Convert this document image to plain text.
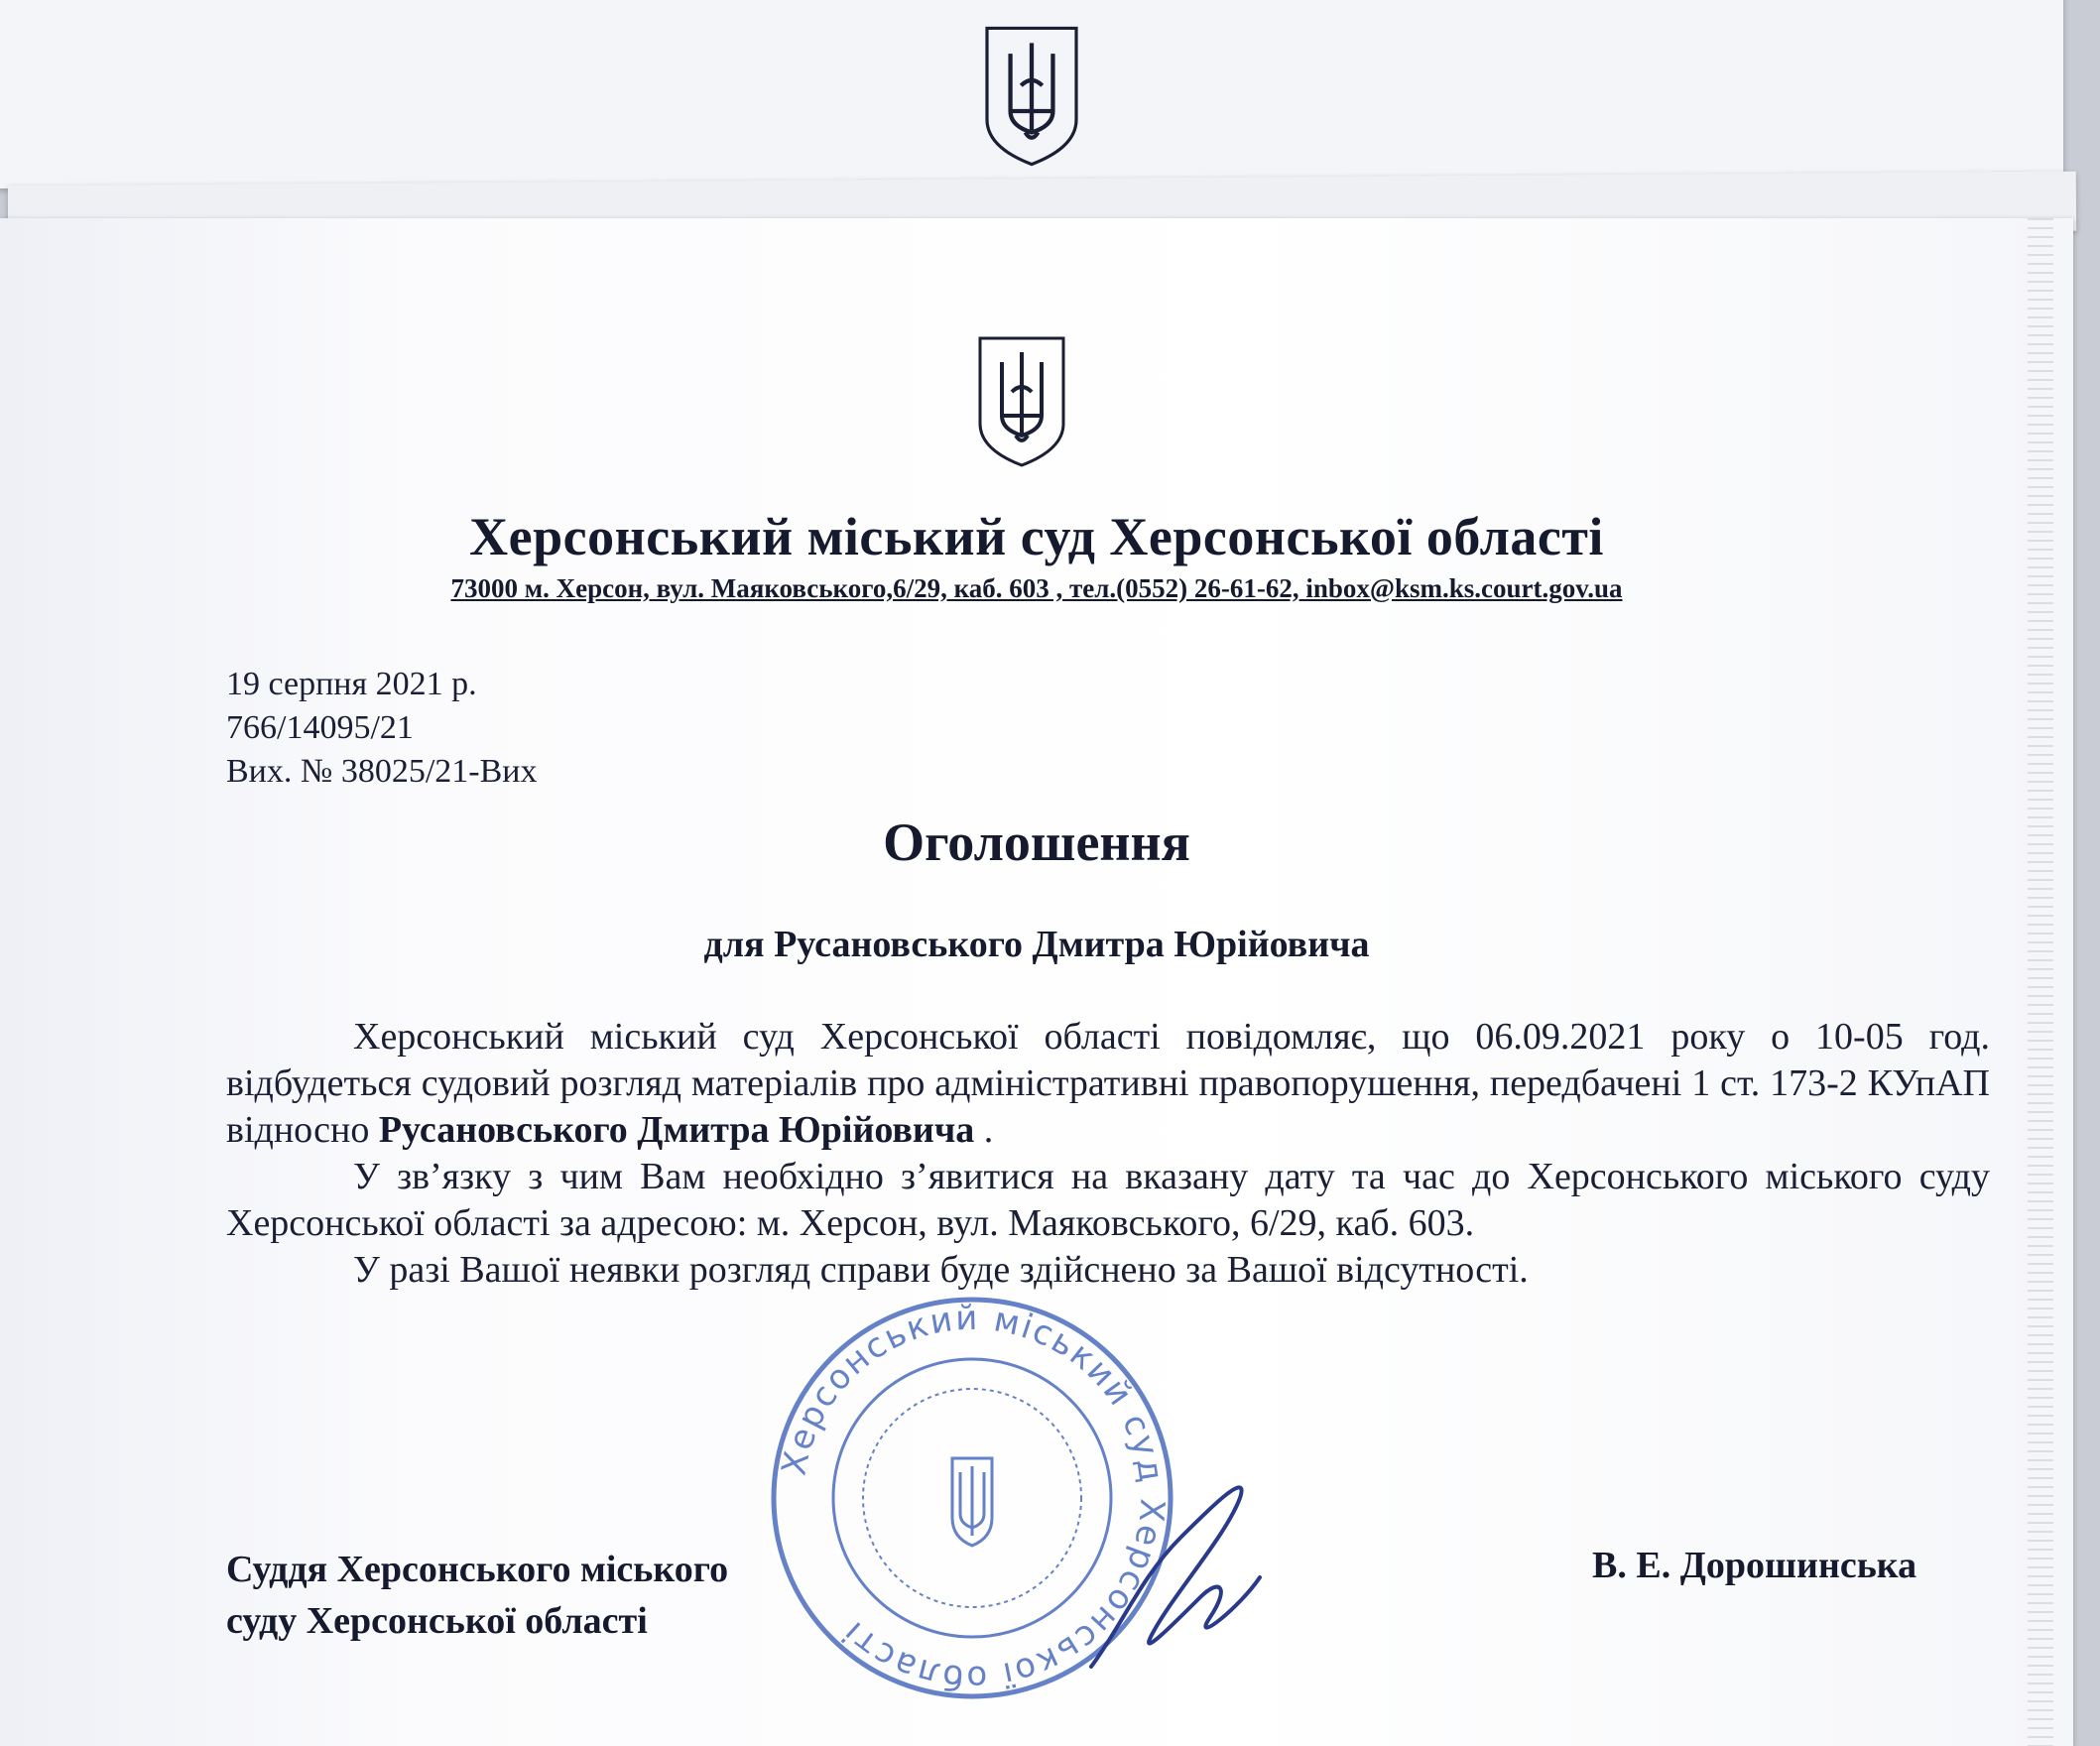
Херсонський міський суд Херсонської області
73000 м. Херсон, вул. Маяковського,6/29, каб. 603 , тел.(0552) 26-61-62, inbox@ksm.ks.court.gov.ua
19 серпня 2021 р.
766/14095/21
Вих. № 38025/21-Вих
Оголошення
для Русановського Дмитра Юрійовича

Херсонський міський суд Херсонської області повідомляє, що 06.09.2021 року о 10-05 год. відбудеться судовий розгляд матеріалів про адміністративні правопорушення, передбачені 1 ст. 173-2 КУпАП відносно Русановського Дмитра Юрійовича .

У зв’язку з чим Вам необхідно з’явитися на вказану дату та час до Херсонського міського суду Херсонської області за адресою: м. Херсон, вул. Маяковського, 6/29, каб. 603.

У разі Вашої неявки розгляд справи буде здійснено за Вашої відсутності.

Суддя Херсонського міського
суду Херсонської області
В. Е. Дорошинська
Херсонський міський суд Херсонської області
